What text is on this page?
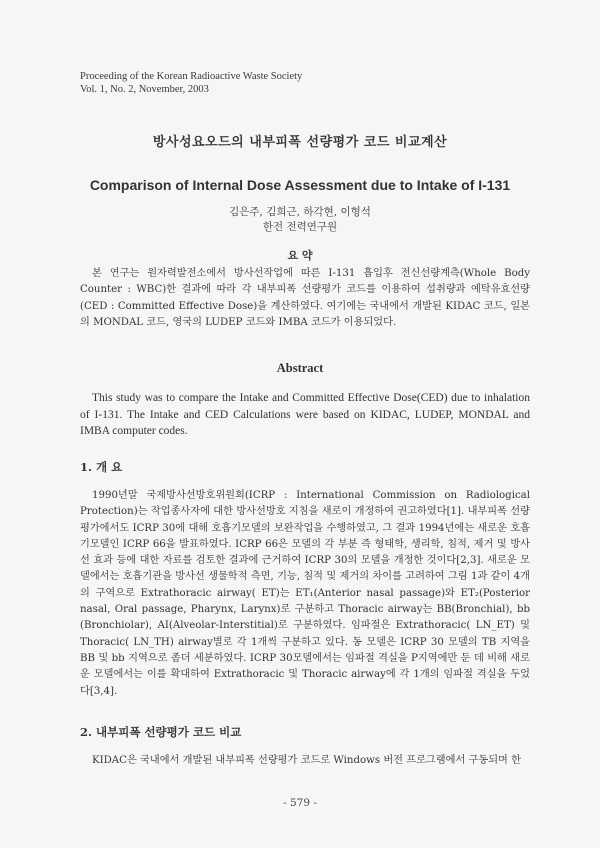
Proceeding of the Korean Radioactive Waste Society
Vol. 1, No. 2, November, 2003
방사성요오드의 내부피폭 선량평가 코드 비교계산
Comparison of Internal Dose Assessment due to Intake of I-131
김은주, 김희근, 하각현, 이형석
한전 전력연구원
요 약

본 연구는 원자력발전소에서 방사선작업에 따른 I-131 흡입후 전신선량계측(Whole Body Counter : WBC)한 결과에 따라 각 내부피폭 선량평가 코드를 이용하여 섭취량과 예탁유효선량(CED : Committed Effective Dose)을 계산하였다. 여기에는 국내에서 개발된 KIDAC 코드, 일본의 MONDAL 코드, 영국의 LUDEP 코드와 IMBA 코드가 이용되었다.

Abstract

This study was to compare the Intake and Committed Effective Dose(CED) due to inhalation of I-131. The Intake and CED Calculations were based on KIDAC, LUDEP, MONDAL and IMBA computer codes.

1. 개 요

1990년말 국제방사선방호위원회(ICRP : International Commission on Radiological Protection)는 작업종사자에 대한 방사선방호 지침을 새로이 개정하여 권고하였다[1]. 내부피폭 선량평가에서도 ICRP 30에 대해 호흡기모델의 보완작업을 수행하였고, 그 결과 1994년에는 새로운 호흡기모델인 ICRP 66을 발표하였다. ICRP 66은 모델의 각 부분 즉 형태학, 생리학, 침적, 제거 및 방사선 효과 등에 대한 자료를 검토한 결과에 근거하여 ICRP 30의 모델을 개정한 것이다[2,3]. 새로운 모델에서는 호흡기관을 방사선 생물학적 측면, 기능, 침적 및 제거의 차이를 고려하여 그림 1과 같이 4개의 구역으로 Extrathoracic airway( ET)는 ET₁(Anterior nasal passage)와 ET₂(Posterior nasal, Oral passage, Pharynx, Larynx)로 구분하고 Thoracic airway는 BB(Bronchial), bb (Bronchiolar), AI(Alveolar-Interstitial)로 구분하였다. 임파절은 Extrathoracic( LN_ET) 및 Thoracic( LN_TH) airway별로 각 1개씩 구분하고 있다. 동 모델은 ICRP 30 모델의 TB 지역을 BB 및 bb 지역으로 좀더 세분하였다. ICRP 30모델에서는 임파절 격실을 P지역에만 둔 데 비해 새로운 모델에서는 이를 확대하여 Extrathoracic 및 Thoracic airway에 각 1개의 임파절 격실을 두었다[3,4].

2. 내부피폭 선량평가 코드 비교

KIDAC은 국내에서 개발된 내부피폭 선량평가 코드로 Windows 버전 프로그램에서 구동되며 한

- 579 -
